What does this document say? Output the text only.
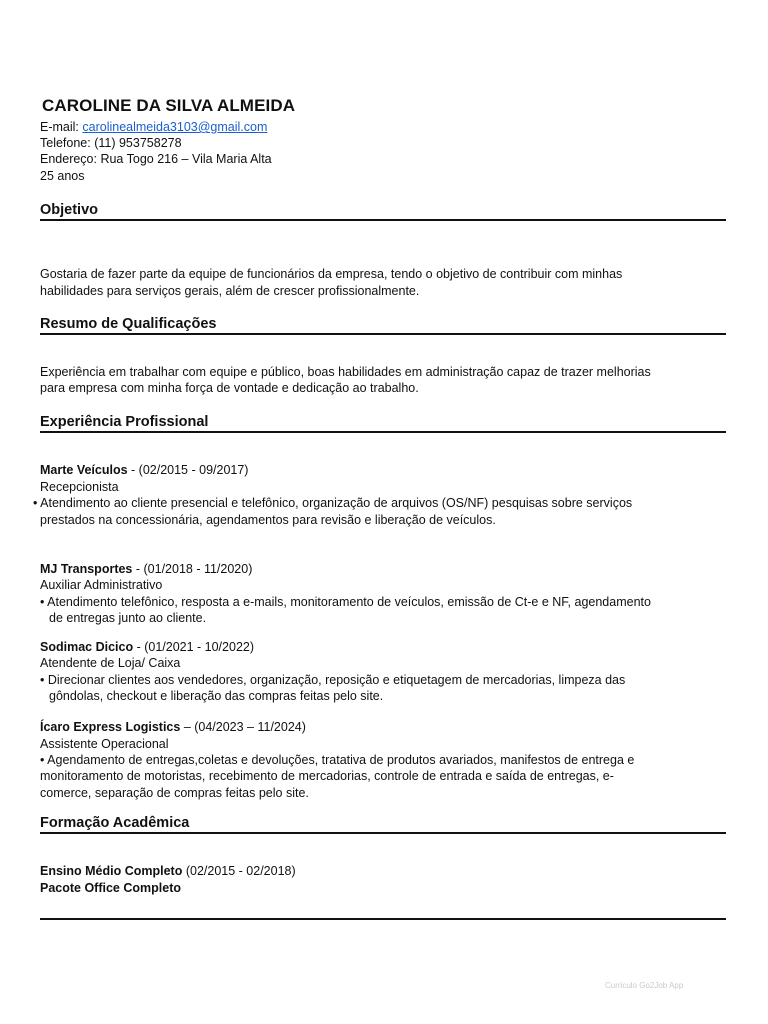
CAROLINE DA SILVA ALMEIDA
E-mail: carolinealmeida3103@gmail.com
Telefone: (11) 953758278
Endereço: Rua Togo 216 – Vila Maria Alta
25 anos
Objetivo
Gostaria de fazer parte da equipe de funcionários da empresa, tendo o objetivo de contribuir com minhas
habilidades para serviços gerais, além de crescer profissionalmente.
Resumo de Qualificações
Experiência em trabalhar com equipe e público, boas habilidades em administração capaz de trazer melhorias
para empresa com minha força de vontade e dedicação ao trabalho.
Experiência Profissional
Marte Veículos - (02/2015 - 09/2017)
Recepcionista
• Atendimento ao cliente presencial e telefônico, organização de arquivos (OS/NF) pesquisas sobre serviços
prestados na concessionária, agendamentos para revisão e liberação de veículos.
MJ Transportes - (01/2018 - 11/2020)
Auxiliar Administrativo
• Atendimento telefônico, resposta a e-mails, monitoramento de veículos, emissão de Ct-e e NF, agendamento
de entregas junto ao cliente.
Sodimac Dicico - (01/2021 - 10/2022)
Atendente de Loja/ Caixa
• Direcionar clientes aos vendedores, organização, reposição e etiquetagem de mercadorias, limpeza das
gôndolas, checkout e liberação das compras feitas pelo site.
Ícaro Express Logistics – (04/2023 – 11/2024)
Assistente Operacional
• Agendamento de entregas,coletas e devoluções, tratativa de produtos avariados, manifestos de entrega e
monitoramento de motoristas, recebimento de mercadorias, controle de entrada e saída de entregas, e-
comerce, separação de compras feitas pelo site.
Formação Acadêmica
Ensino Médio Completo (02/2015 - 02/2018)
Pacote Office Completo
Curriculo Go2Job App
